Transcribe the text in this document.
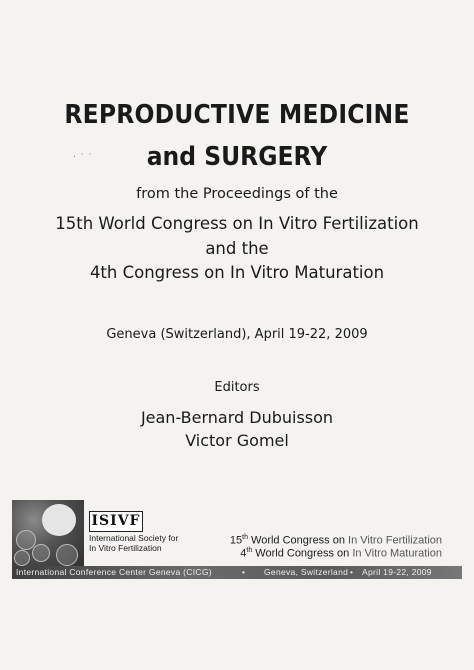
. · ·
REPRODUCTIVE MEDICINE
and SURGERY
from the Proceedings of the
15th World Congress on In Vitro Fertilization
and the
4th Congress on In Vitro Maturation
Geneva (Switzerland), April 19-22, 2009
Editors
Jean-Bernard Dubuisson
Victor Gomel
ISIVF
International Society for
In Vitro Fertilization
15th World Congress on In Vitro Fertilization
4th World Congress on In Vitro Maturation
International Conference Center Geneva (CICG)	• Geneva, Switzerland • April 19-22, 2009
